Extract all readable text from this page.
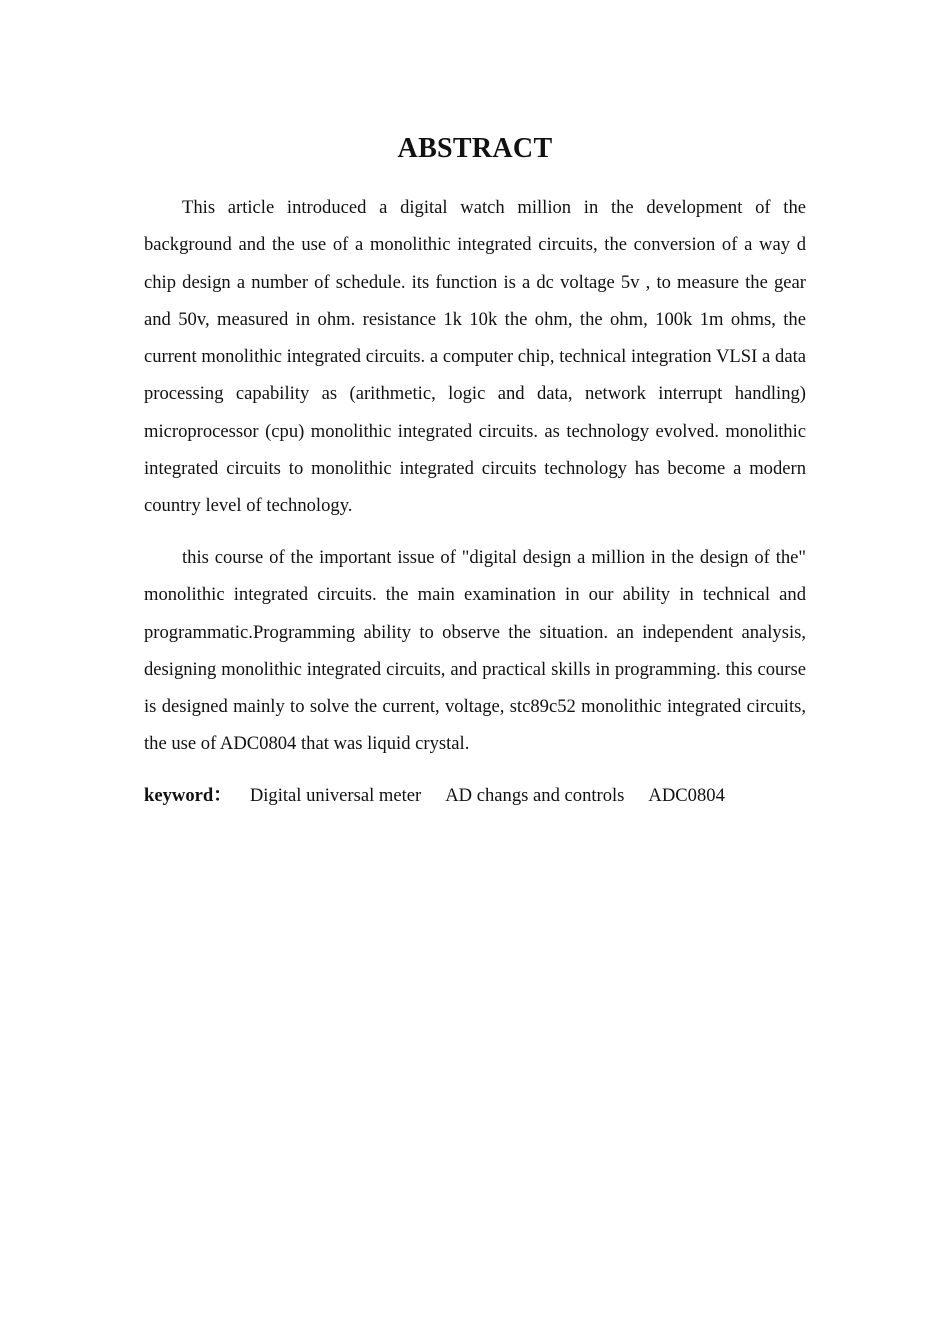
ABSTRACT

This article introduced a digital watch million in the development of the background and the use of a monolithic integrated circuits, the conversion of a way d chip design a number of schedule. its function is a dc voltage 5v , to measure the gear and 50v, measured in ohm. resistance 1k 10k the ohm, the ohm, 100k 1m ohms, the current monolithic integrated circuits. a computer chip, technical integration VLSI a data processing capability as (arithmetic, logic and data, network interrupt handling) microprocessor (cpu) monolithic integrated circuits. as technology evolved. monolithic integrated circuits to monolithic integrated circuits technology has become a modern country level of technology.

this course of the important issue of "digital design a million in the design of the" monolithic integrated circuits. the main examination in our ability in technical and programmatic.Programming ability to observe the situation. an independent analysis, designing monolithic integrated circuits, and practical skills in programming. this course is designed mainly to solve the current, voltage, stc89c52 monolithic integrated circuits, the use of ADC0804 that was liquid crystal.

keyword： Digital universal meter AD changs and controls ADC0804
